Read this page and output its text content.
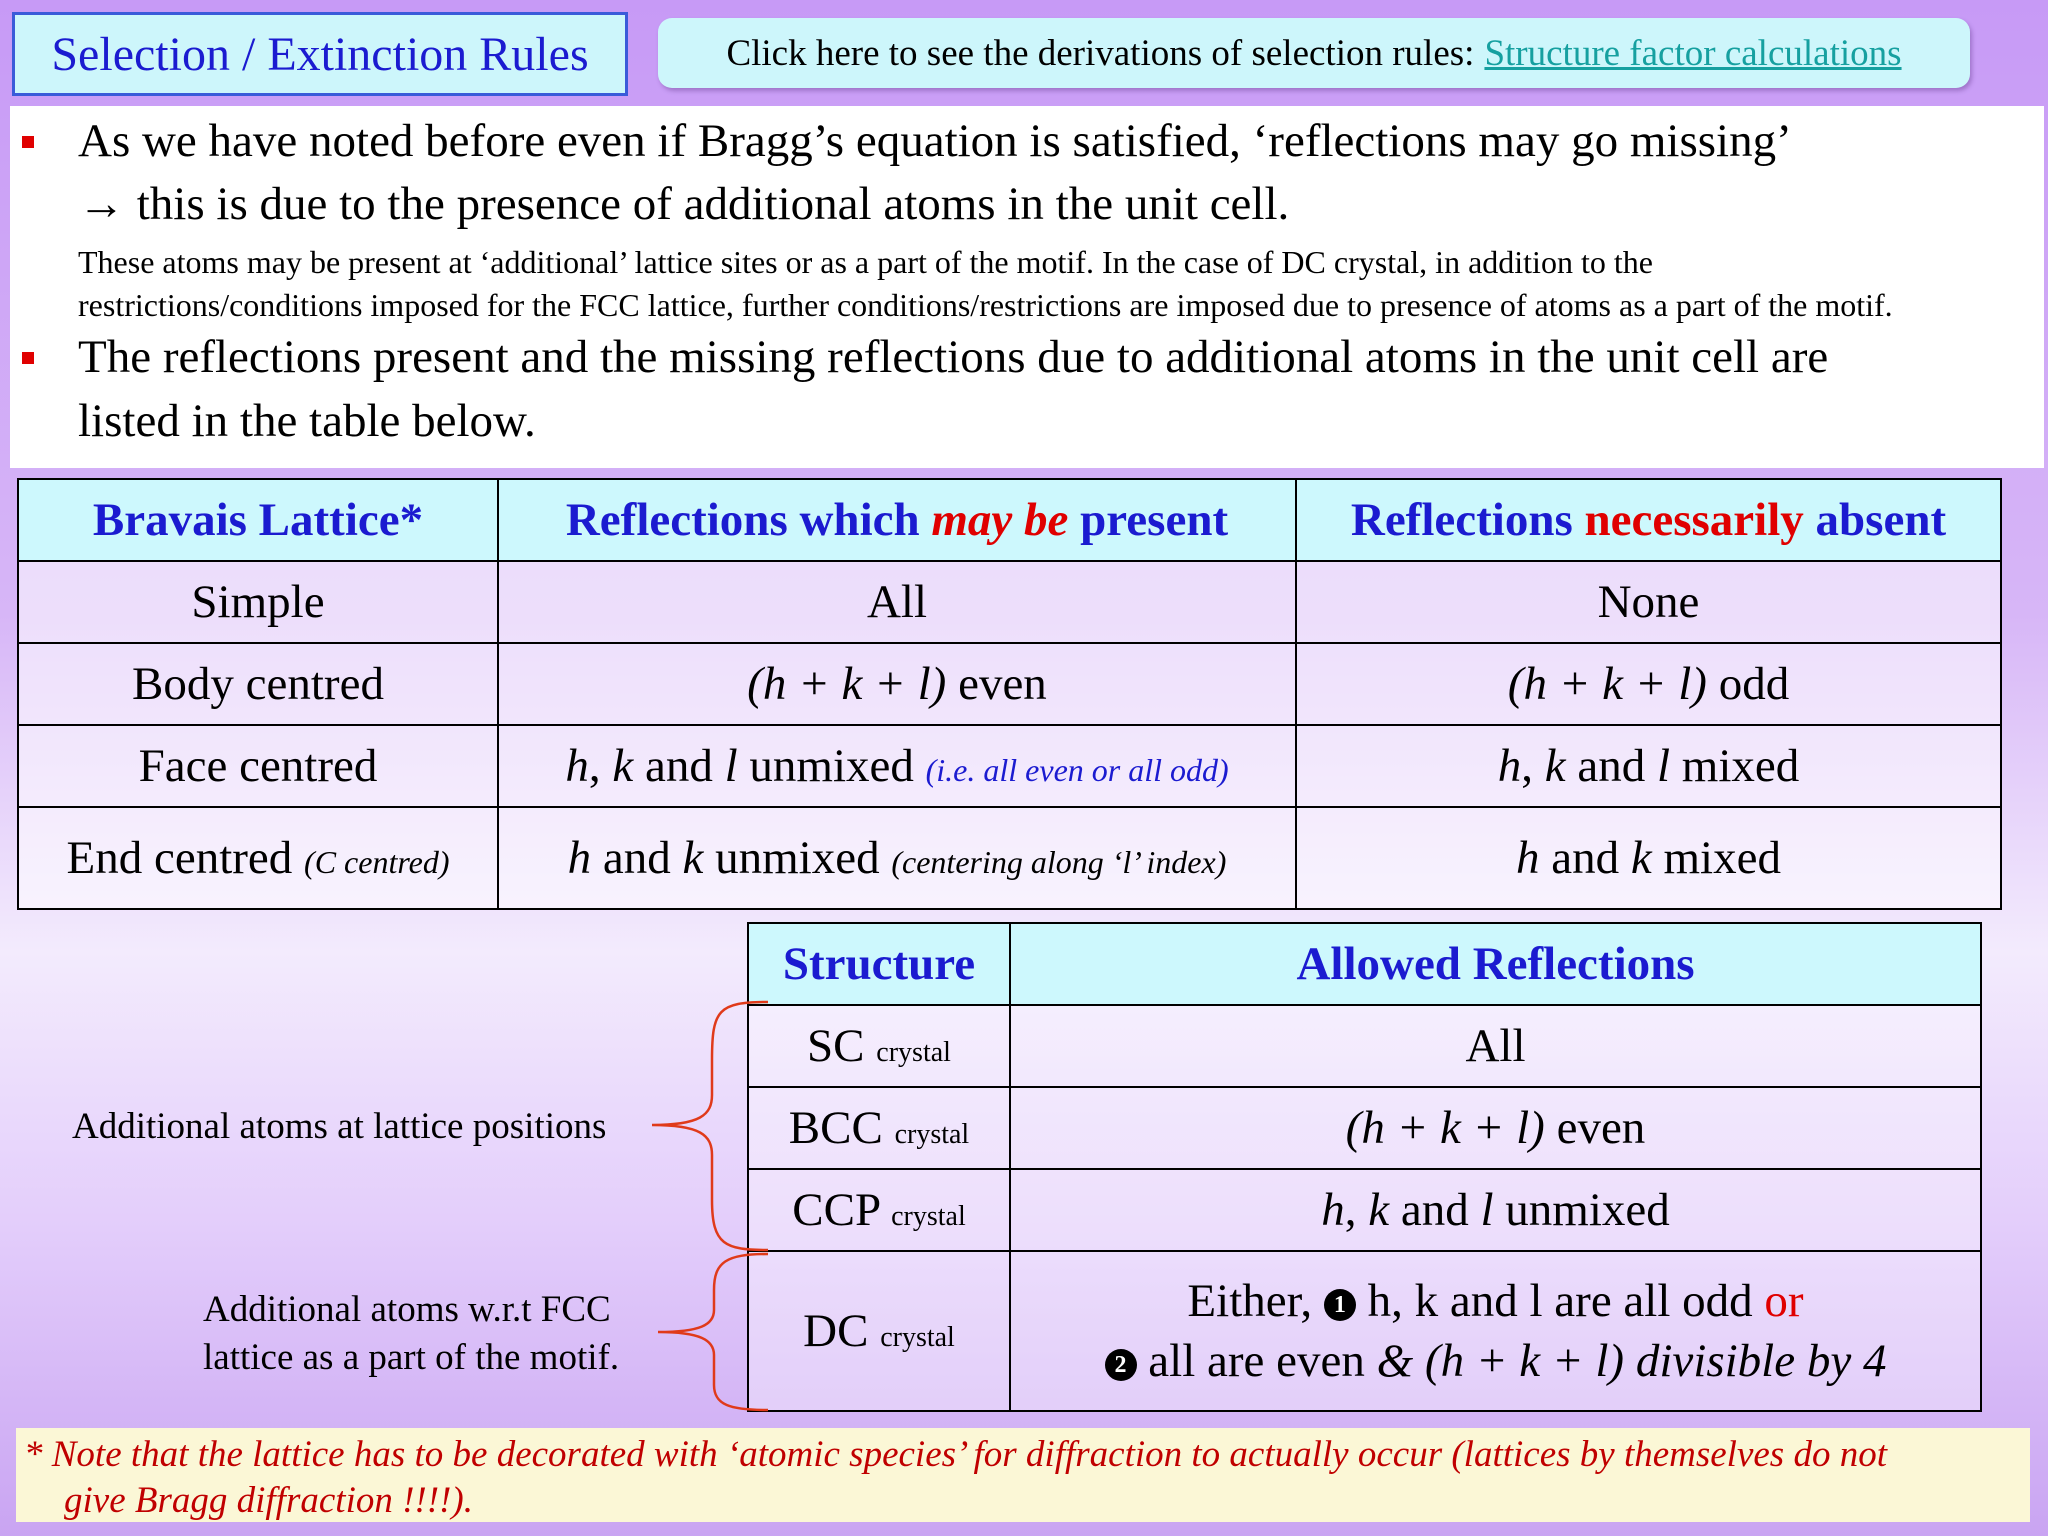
Selection / Extinction Rules	Click here to see the derivations of selection rules: Structure factor calculations
As we have noted before even if Bragg’s equation is satisfied, ‘reflections may go missing’
→ this is due to the presence of additional atoms in the unit cell.
These atoms may be present at ‘additional’ lattice sites or as a part of the motif. In the case of DC crystal, in addition to the
restrictions/conditions imposed for the FCC lattice, further conditions/restrictions are imposed due to presence of atoms as a part of the motif.
The reflections present and the missing reflections due to additional atoms in the unit cell are
listed in the table below.
Bravais Lattice*	Reflections which may be present	Reflections necessarily absent
Simple	All	None
Body centred	(h + k + l) even	(h + k + l) odd
Face centred	h, k and l unmixed (i.e. all even or all odd)	h, k and l mixed
End centred (C centred)	h and k unmixed (centering along ‘l’ index)	h and k mixed
Structure	Allowed Reflections
SC crystal	All
BCC crystal	(h + k + l) even
CCP crystal	h, k and l unmixed
DC crystal	Either, 1 h, k and l are all odd or
2 all are even & (h + k + l) divisible by 4
Additional atoms at lattice positions
Additional atoms w.r.t FCC
lattice as a part of the motif.
* Note that the lattice has to be decorated with ‘atomic species’ for diffraction to actually occur (lattices by themselves do not
give Bragg diffraction !!!!).
